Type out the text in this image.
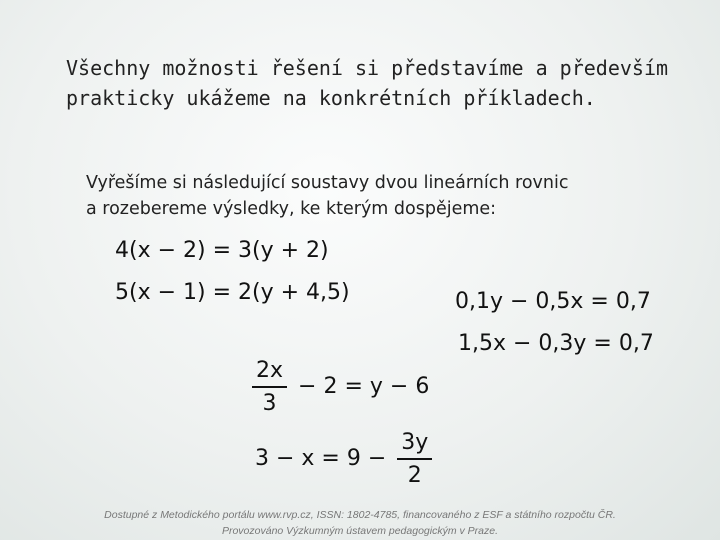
Všechny možnosti řešení si představíme a především
prakticky ukážeme na konkrétních příkladech.
Vyřešíme si následující soustavy dvou lineárních rovnic
a rozebereme výsledky, ke kterým dospějeme:
4(x − 2) = 3(y + 2)
5(x − 1) = 2(y + 4,5)	0,1y − 0,5x = 0,7
1,5x − 0,3y = 0,7
$\frac{2x}{3} - 2 = y - 6$
$3 - x = 9 - \frac{3y}{2}$
Dostupné z Metodického portálu www.rvp.cz, ISSN: 1802-4785, financovaného z ESF a státního rozpočtu ČR.
Provozováno Výzkumným ústavem pedagogickým v Praze.
